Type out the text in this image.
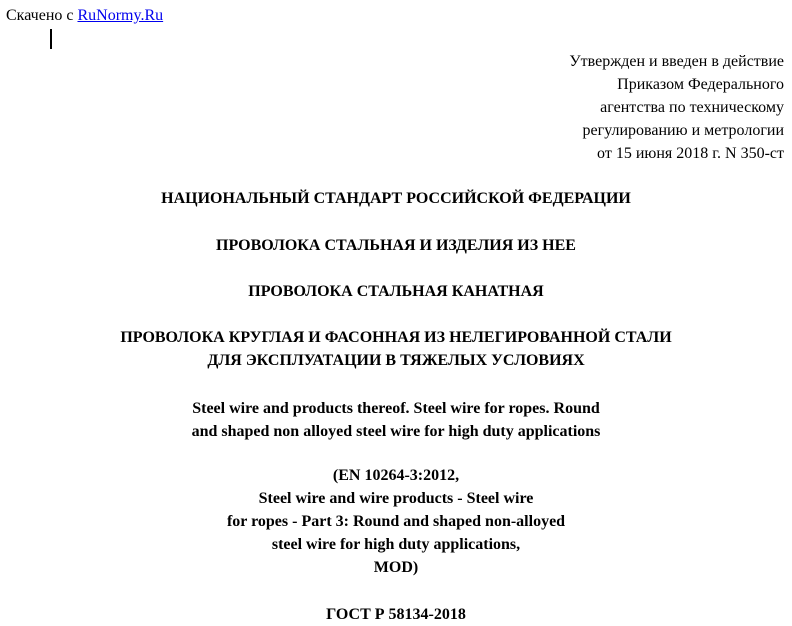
Скачено с RuNormy.Ru
Утвержден и введен в действие
Приказом Федерального
агентства по техническому
регулированию и метрологии
от 15 июня 2018 г. N 350-ст
НАЦИОНАЛЬНЫЙ СТАНДАРТ РОССИЙСКОЙ ФЕДЕРАЦИИ
ПРОВОЛОКА СТАЛЬНАЯ И ИЗДЕЛИЯ ИЗ НЕЕ
ПРОВОЛОКА СТАЛЬНАЯ КАНАТНАЯ
ПРОВОЛОКА КРУГЛАЯ И ФАСОННАЯ ИЗ НЕЛЕГИРОВАННОЙ СТАЛИ
ДЛЯ ЭКСПЛУАТАЦИИ В ТЯЖЕЛЫХ УСЛОВИЯХ
Steel wire and products thereof. Steel wire for ropes. Round
and shaped non alloyed steel wire for high duty applications
(EN 10264-3:2012,
Steel wire and wire products - Steel wire
for ropes - Part 3: Round and shaped non-alloyed
steel wire for high duty applications,
MOD)
ГОСТ Р 58134-2018
